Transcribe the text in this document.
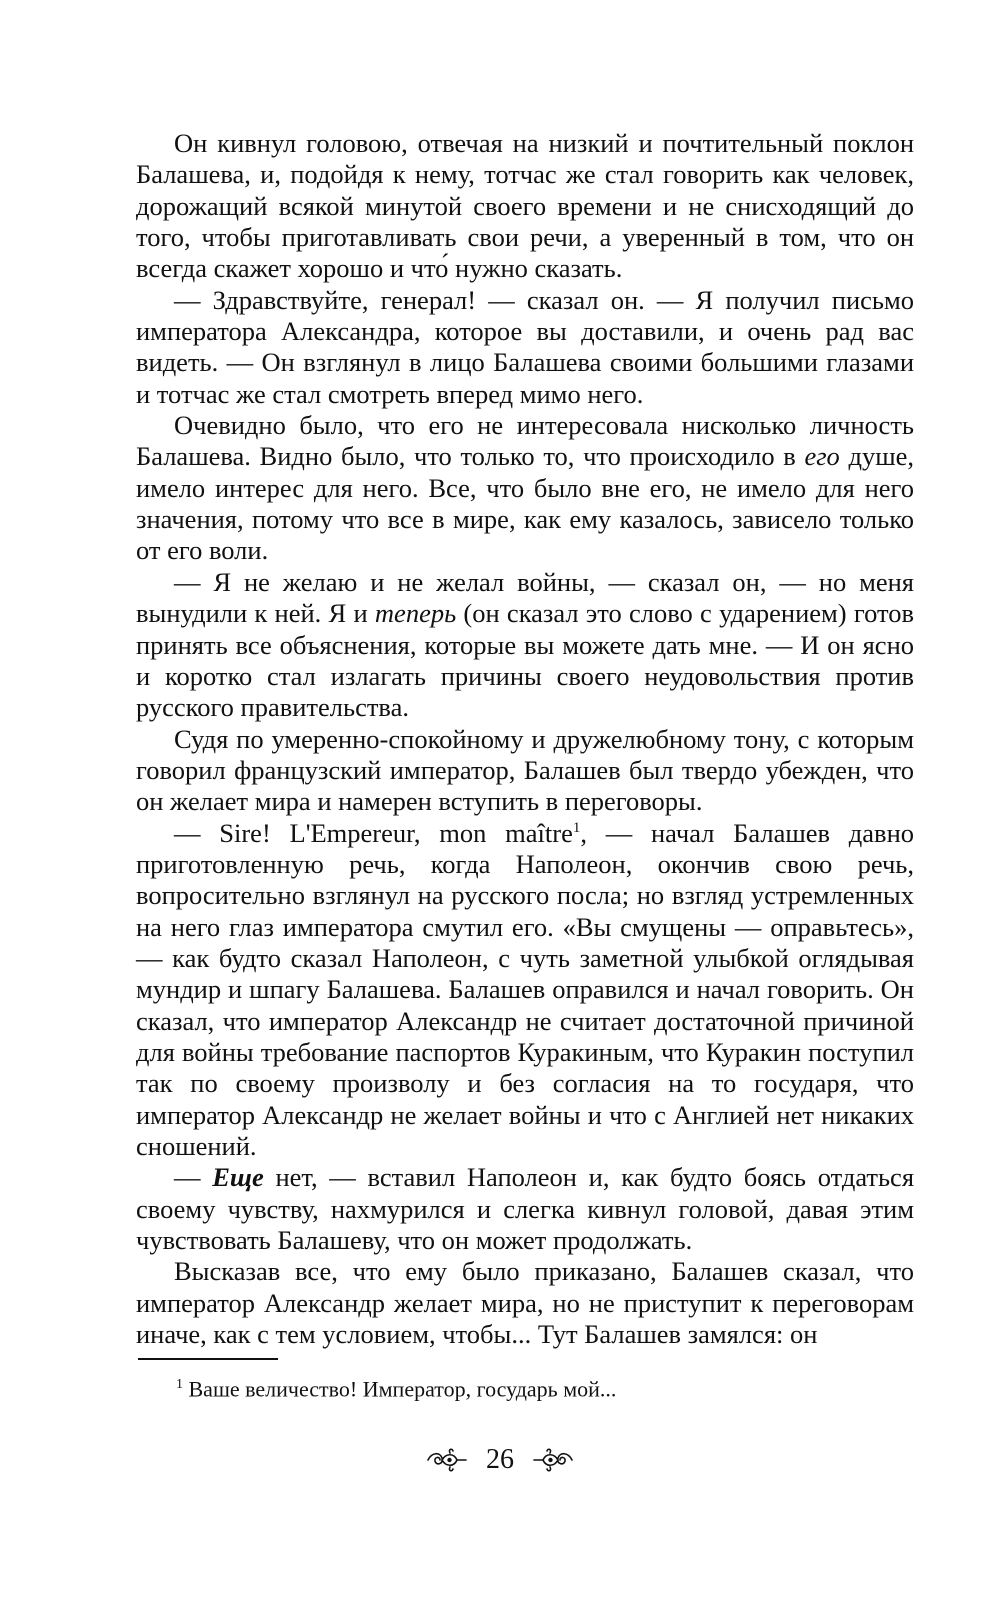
Он кивнул головою, отвечая на низкий и почтительный поклон Балашева, и, подойдя к нему, тотчас же стал говорить как человек, дорожащий всякой минутой своего времени и не снисходящий до того, чтобы приготавливать свои речи, а уверенный в том, что он всегда скажет хорошо и что́ нужно сказать.

— Здравствуйте, генерал! — сказал он. — Я получил письмо императора Александра, которое вы доставили, и очень рад вас видеть. — Он взглянул в лицо Балашева своими большими глазами и тотчас же стал смотреть вперед мимо него.

Очевидно было, что его не интересовала нисколько личность Балашева. Видно было, что только то, что происходило в его душе, имело интерес для него. Все, что было вне его, не имело для него значения, потому что все в мире, как ему казалось, зависело только от его воли.

— Я не желаю и не желал войны, — сказал он, — но меня вынудили к ней. Я и теперь (он сказал это слово с ударением) готов принять все объяснения, которые вы можете дать мне. — И он ясно и коротко стал излагать причины своего неудовольствия против русского правительства.

Судя по умеренно-спокойному и дружелюбному тону, с которым говорил французский император, Балашев был твердо убежден, что он желает мира и намерен вступить в переговоры.

— Sire! L'Empereur, mon maître$^1$, — начал Балашев давно приготовленную речь, когда Наполеон, окончив свою речь, вопросительно взглянул на русского посла; но взгляд устремленных на него глаз императора смутил его. «Вы смущены — оправьтесь», — как будто сказал Наполеон, с чуть заметной улыбкой оглядывая мундир и шпагу Балашева. Балашев оправился и начал говорить. Он сказал, что император Александр не считает достаточной причиной для войны требование паспортов Куракиным, что Куракин поступил так по своему произволу и без согласия на то государя, что император Александр не желает войны и что с Англией нет никаких сношений.

— Еще нет, — вставил Наполеон и, как будто боясь отдаться своему чувству, нахмурился и слегка кивнул головой, давая этим чувствовать Балашеву, что он может продолжать.

Высказав все, что ему было приказано, Балашев сказал, что император Александр желает мира, но не приступит к переговорам иначе, как с тем условием, чтобы... Тут Балашев замялся: он

$^1$ Ваше величество! Император, государь мой...
26
